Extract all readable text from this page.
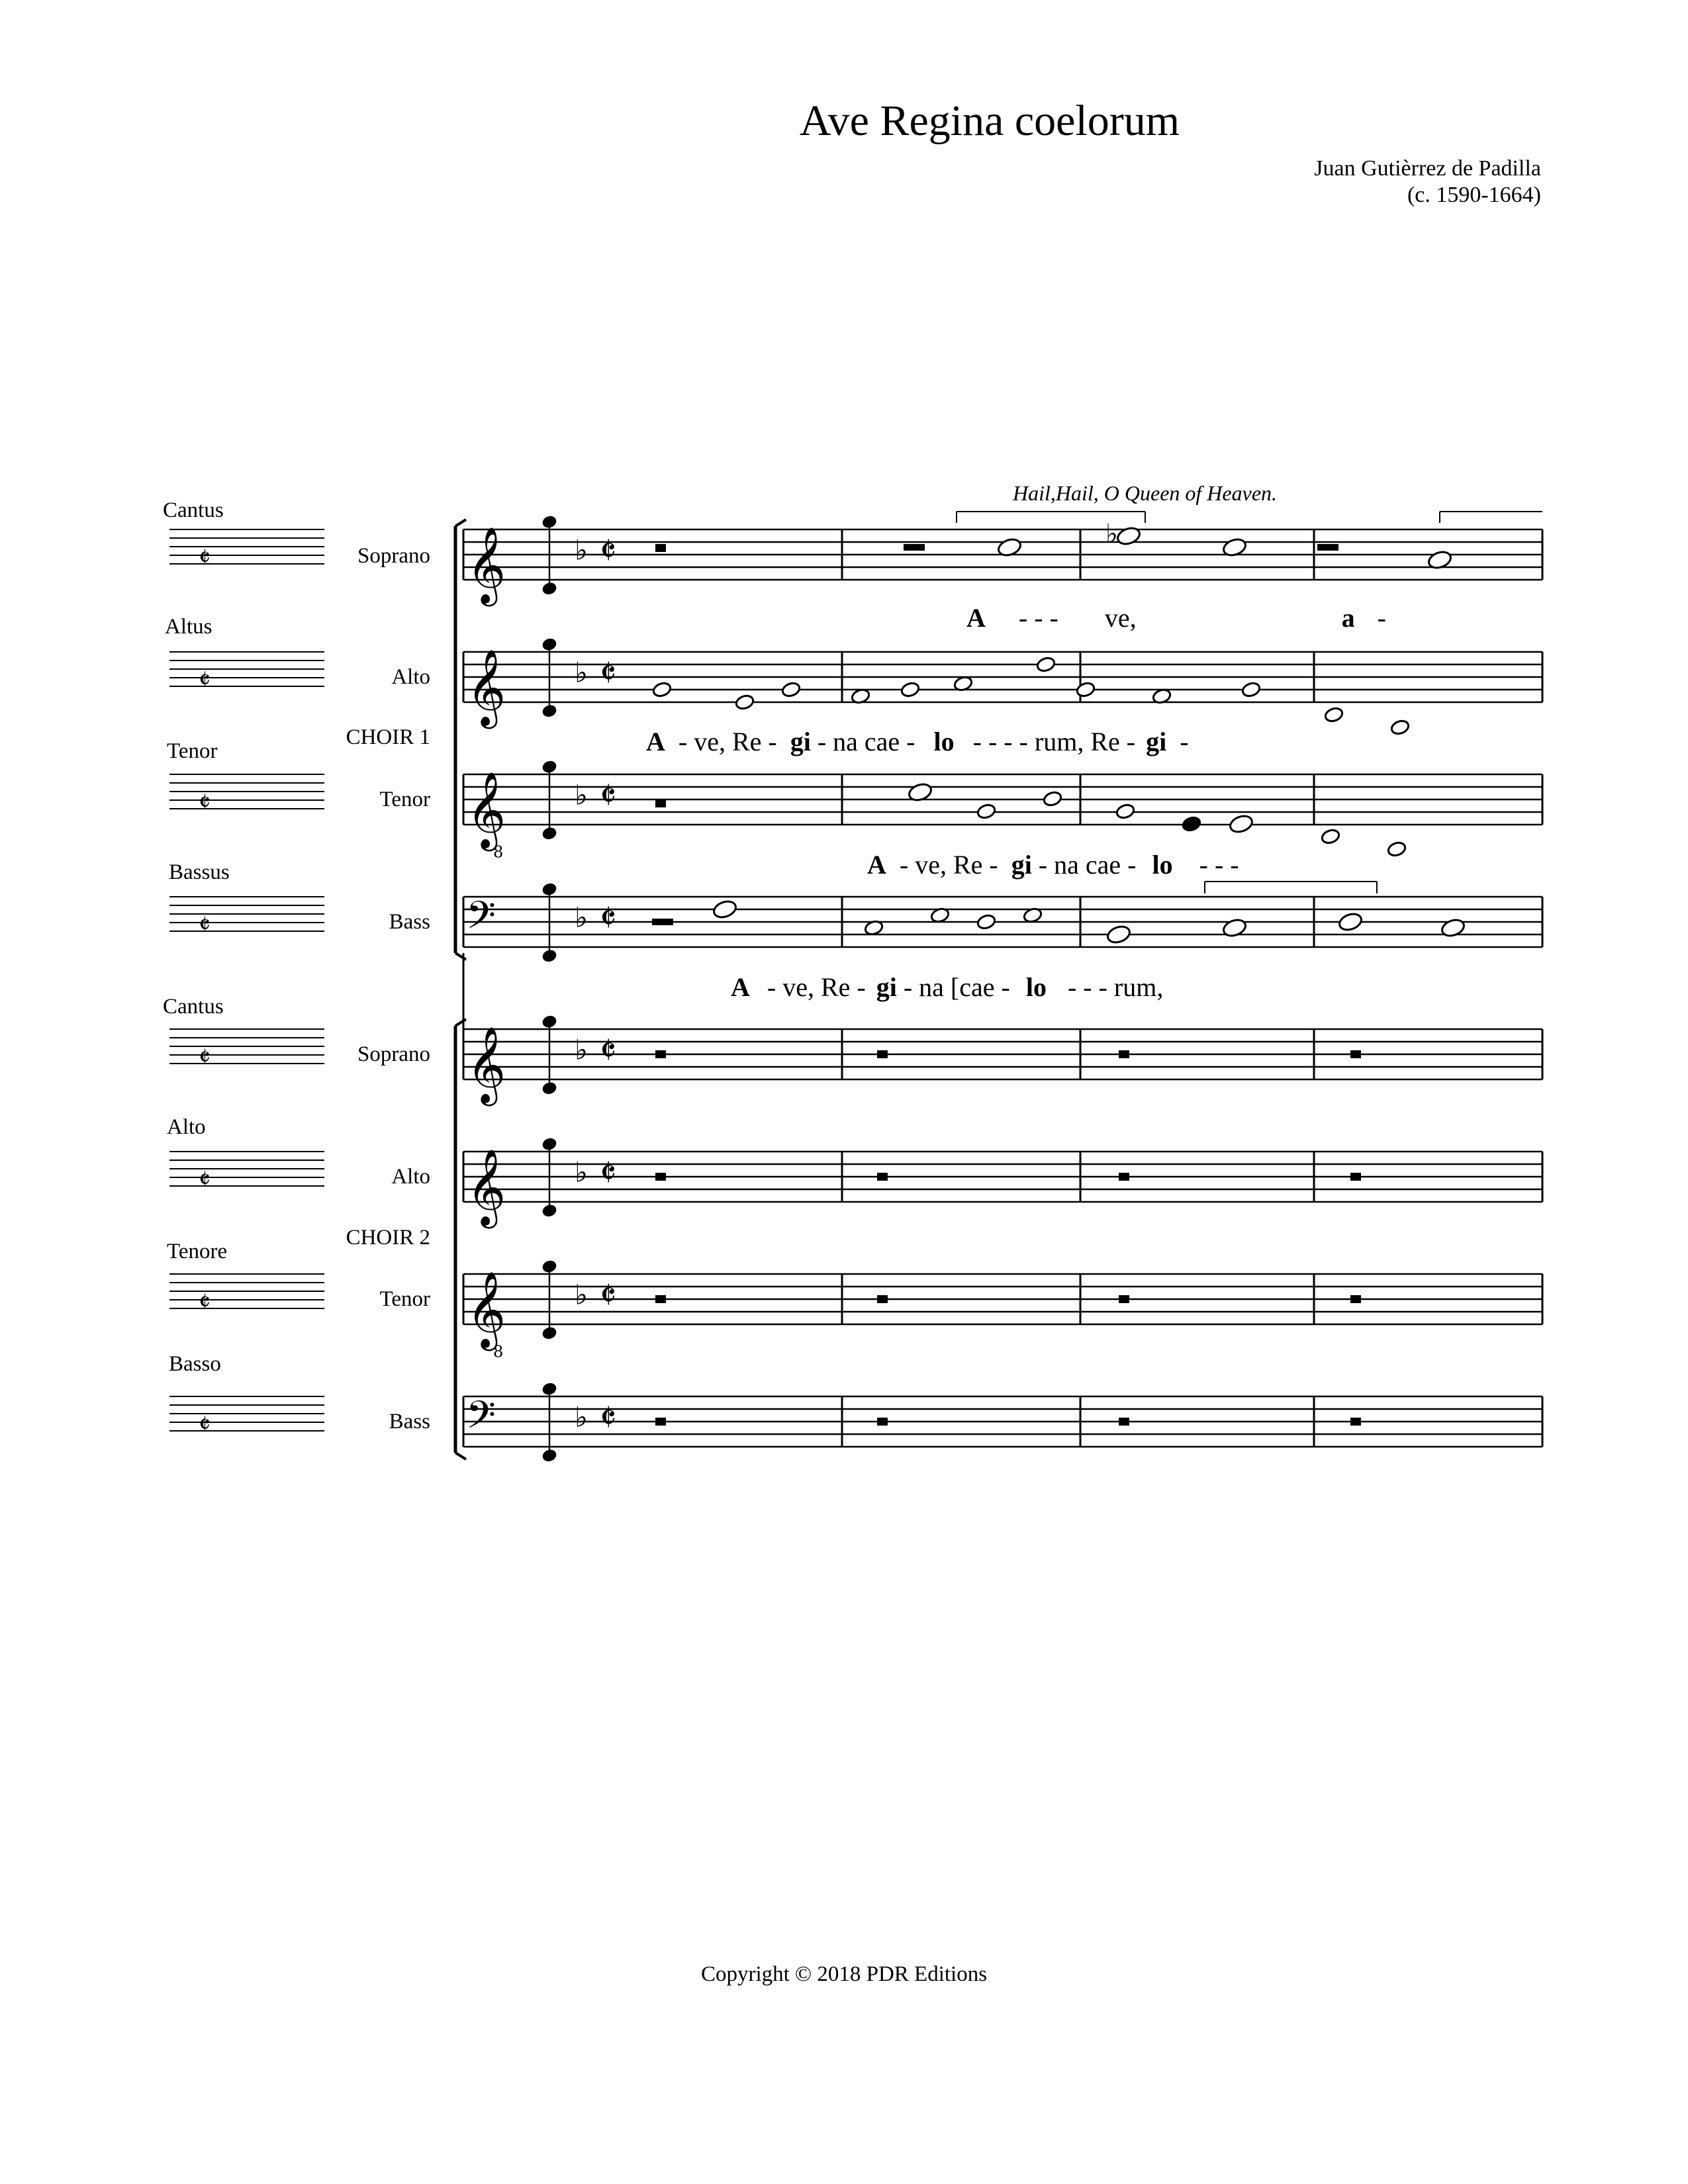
Ave Regina coelorum
Juan Gutièrrez de Padilla
(c. 1590-1664)
Hail,Hail, O Queen of Heaven.
𝄞 ♭ 𝄵
𝄞 ♭ 𝄵
𝄞
8
♭ 𝄵
𝄢	♭ 𝄵
𝄞 ♭ 𝄵
𝄞 ♭ 𝄵
𝄞
8
♭ 𝄵
𝄢	♭ 𝄵
𝄵
𝄵
𝄵
𝄵
𝄵
𝄵
𝄵
𝄵
♭
Cantus
Altus
Tenor
Bassus
Cantus
Alto
Tenore
Basso
Soprano
Alto
CHOIR 1
Tenor
Bass
Soprano
Alto
CHOIR 2
Tenor
Bass
A - - - ve,	a -
A - ve, Re - gi - na cae - lo - - - - rum, Re - gi -
A - ve, Re - gi - na cae - lo - - -
A - ve, Re - gi - na [cae - lo - - - rum,
Copyright © 2018 PDR Editions
